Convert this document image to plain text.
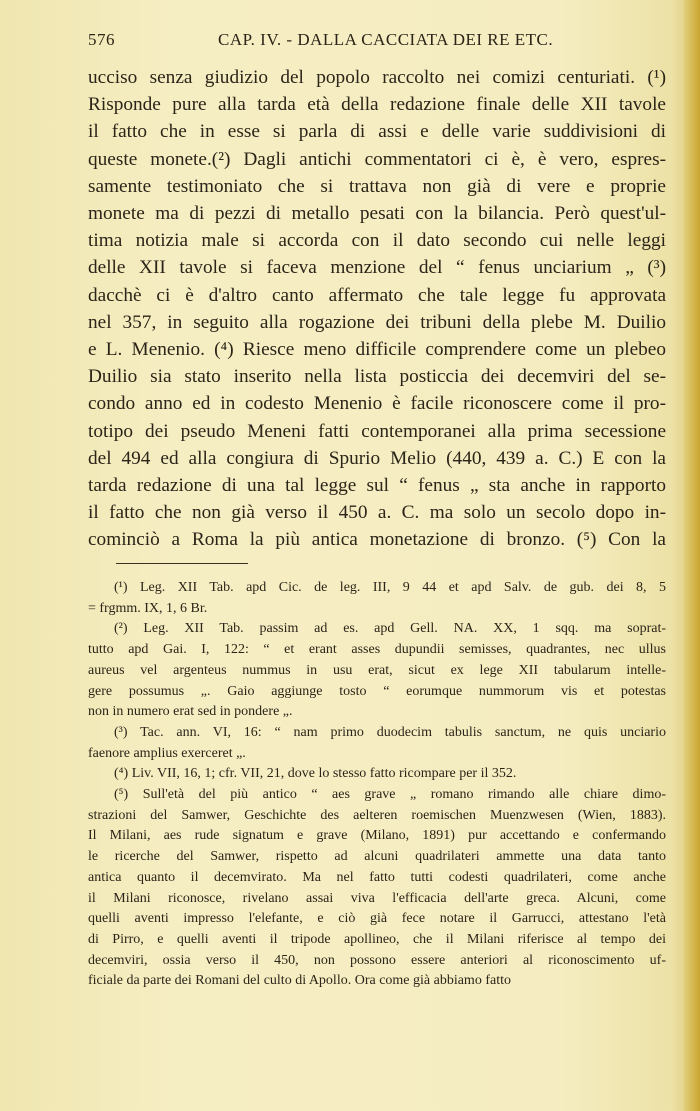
576	CAP. IV. - DALLA CACCIATA DEI RE ETC.
ucciso senza giudizio del popolo raccolto nei comizi centuriati. (¹)
Risponde pure alla tarda età della redazione finale delle XII tavole
il fatto che in esse si parla di assi e delle varie suddivisioni di
queste monete.(²) Dagli antichi commentatori ci è, è vero, espres-
samente testimoniato che si trattava non già di vere e proprie
monete ma di pezzi di metallo pesati con la bilancia. Però quest'ul-
tima notizia male si accorda con il dato secondo cui nelle leggi
delle XII tavole si faceva menzione del “ fenus unciarium „ (³)
dacchè ci è d'altro canto affermato che tale legge fu approvata
nel 357, in seguito alla rogazione dei tribuni della plebe M. Duilio
e L. Menenio. (⁴) Riesce meno difficile comprendere come un plebeo
Duilio sia stato inserito nella lista posticcia dei decemviri del se-
condo anno ed in codesto Menenio è facile riconoscere come il pro-
totipo dei pseudo Meneni fatti contemporanei alla prima secessione
del 494 ed alla congiura di Spurio Melio (440, 439 a. C.) E con la
tarda redazione di una tal legge sul “ fenus „ sta anche in rapporto
il fatto che non già verso il 450 a. C. ma solo un secolo dopo in-
cominciò a Roma la più antica monetazione di bronzo. (⁵) Con la
(¹) Leg. XII Tab. apd Cic. de leg. III, 9 44 et apd Salv. de gub. dei 8, 5
= frgmm. IX, 1, 6 Br.
(²) Leg. XII Tab. passim ad es. apd Gell. NA. XX, 1 sqq. ma soprat-
tutto apd Gai. I, 122: “ et erant asses dupundii semisses, quadrantes, nec ullus
aureus vel argenteus nummus in usu erat, sicut ex lege XII tabularum intelle-
gere possumus „. Gaio aggiunge tosto “ eorumque nummorum vis et potestas
non in numero erat sed in pondere „.
(³) Tac. ann. VI, 16: “ nam primo duodecim tabulis sanctum, ne quis unciario
faenore amplius exerceret „.
(⁴) Liv. VII, 16, 1; cfr. VII, 21, dove lo stesso fatto ricompare per il 352.
(⁵) Sull'età del più antico “ aes grave „ romano rimando alle chiare dimo-
strazioni del Samwer, Geschichte des aelteren roemischen Muenzwesen (Wien, 1883).
Il Milani, aes rude signatum e grave (Milano, 1891) pur accettando e confermando
le ricerche del Samwer, rispetto ad alcuni quadrilateri ammette una data tanto
antica quanto il decemvirato. Ma nel fatto tutti codesti quadrilateri, come anche
il Milani riconosce, rivelano assai viva l'efficacia dell'arte greca. Alcuni, come
quelli aventi impresso l'elefante, e ciò già fece notare il Garrucci, attestano l'età
di Pirro, e quelli aventi il tripode apollineo, che il Milani riferisce al tempo dei
decemviri, ossia verso il 450, non possono essere anteriori al riconoscimento uf-
ficiale da parte dei Romani del culto di Apollo. Ora come già abbiamo fatto
